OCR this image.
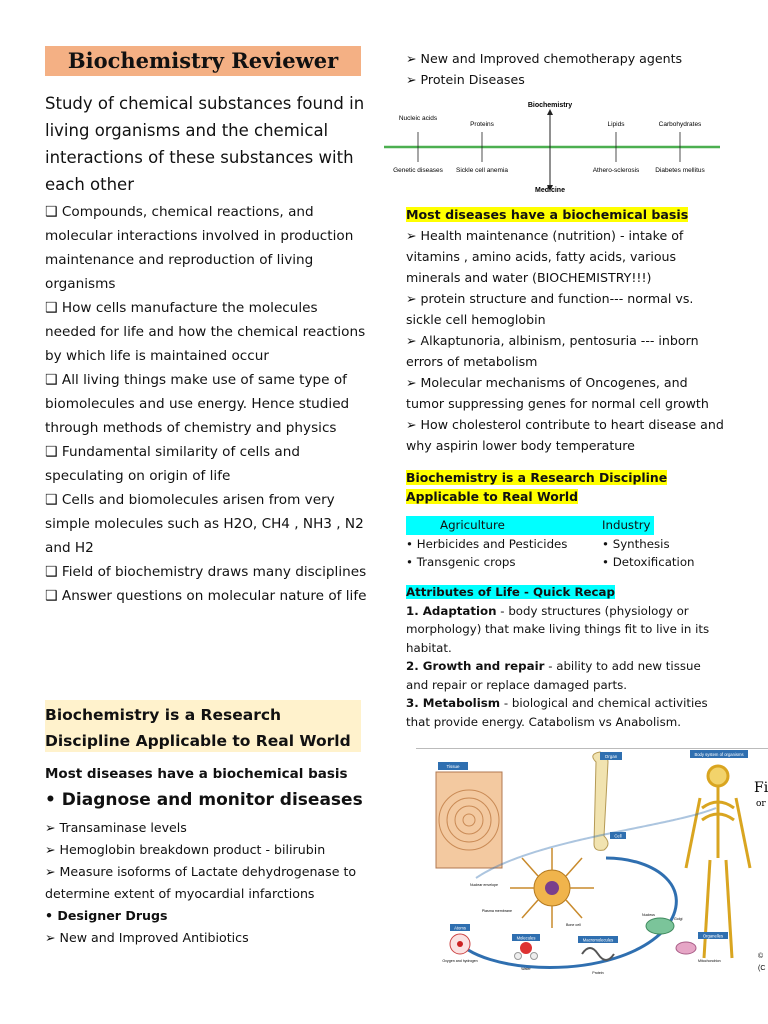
Biochemistry Reviewer
Study of chemical substances found in living organisms and the chemical interactions of these substances with each other
❑ Compounds, chemical reactions, and molecular interactions involved in production maintenance and reproduction of living organisms
❑ How cells manufacture the molecules needed for life and how the chemical reactions by which life is maintained occur
❑ All living things make use of same type of biomolecules and use energy. Hence studied through methods of chemistry and physics
❑ Fundamental similarity of cells and speculating on origin of life
❑ Cells and biomolecules arisen from very simple molecules such as H2O, CH4 , NH3 , N2 and H2
❑ Field of biochemistry draws many disciplines
❑ Answer questions on molecular nature of life
Biochemistry is a Research Discipline Applicable to Real World
Most diseases have a biochemical basis
• Diagnose and monitor diseases
➢ Transaminase levels
➢ Hemoglobin breakdown product - bilirubin
➢ Measure isoforms of Lactate dehydrogenase to determine extent of myocardial infarctions
• Designer Drugs
➢ New and Improved Antibiotics
➢ New and Improved chemotherapy agents
➢ Protein Diseases
Biochemistry
Medicine
Nucleic acids
Proteins	Lipids	Carbohydrates
Genetic diseases Sickle cell anemia	Athero-sclerosis Diabetes mellitus
Most diseases have a biochemical basis
➢ Health maintenance (nutrition) - intake of vitamins , amino acids, fatty acids, various minerals and water (BIOCHEMISTRY!!!)
➢ protein structure and function--- normal vs. sickle cell hemoglobin
➢ Alkaptunoria, albinism, pentosuria --- inborn errors of metabolism
➢ Molecular mechanisms of Oncogenes, and tumor suppressing genes for normal cell growth
➢ How cholesterol contribute to heart disease and why aspirin lower body temperature
Biochemistry is a Research Discipline Applicable to Real World
Agriculture	Industry
• Herbicides and Pesticides	• Synthesis
• Transgenic crops	• Detoxification
Attributes of Life - Quick Recap
1. Adaptation - body structures (physiology or morphology) that make living things fit to live in its habitat.
2. Growth and repair - ability to add new tissue and repair or replace damaged parts.
3. Metabolism - biological and chemical activities that provide energy. Catabolism vs Anabolism.
Tissue
Organ	Body system of organisms
Cell
Organelles
Atoms
Molecules	Macromolecules
Oxygen and hydrogen
Water
Protein
Nuclear envelope
Plasma membrane
Bone cell
Nucleus
Golgi
Mitochondrion
Fi
or
©
(C
